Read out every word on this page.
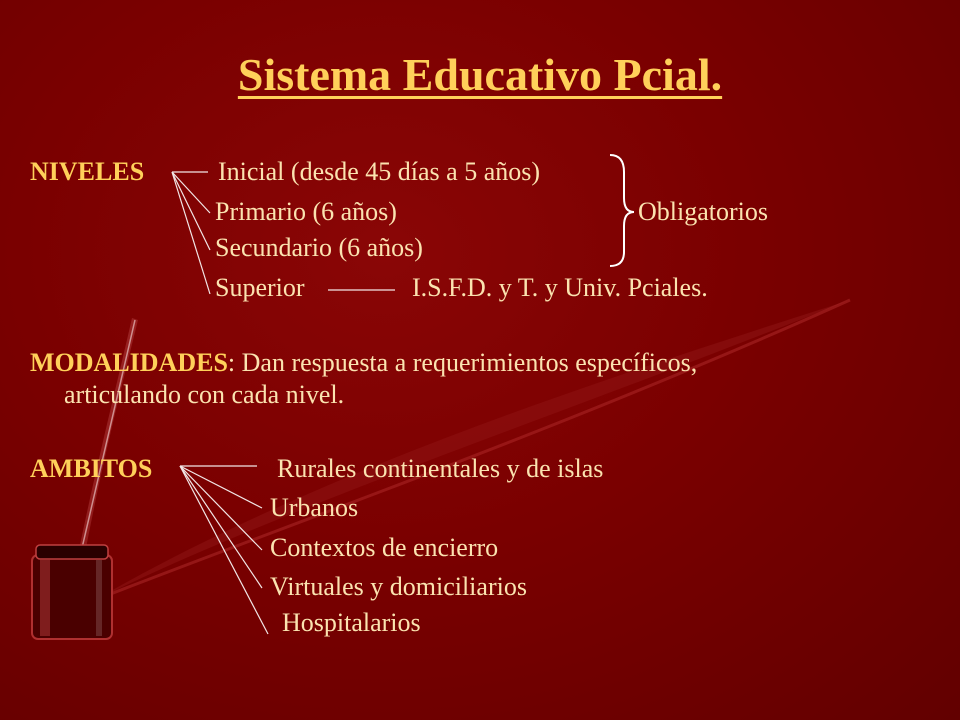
Sistema Educativo Pcial.
NIVELES	Inicial (desde 45 días a 5 años)
Primario (6 años)
Secundario (6 años)
Superior	I.S.F.D. y T. y Univ. Pciales.
Obligatorios
MODALIDADES: Dan respuesta a requerimientos específicos,
articulando con cada nivel.
AMBITOS	Rurales continentales y de islas
Urbanos
Contextos de encierro
Virtuales y domiciliarios
Hospitalarios
